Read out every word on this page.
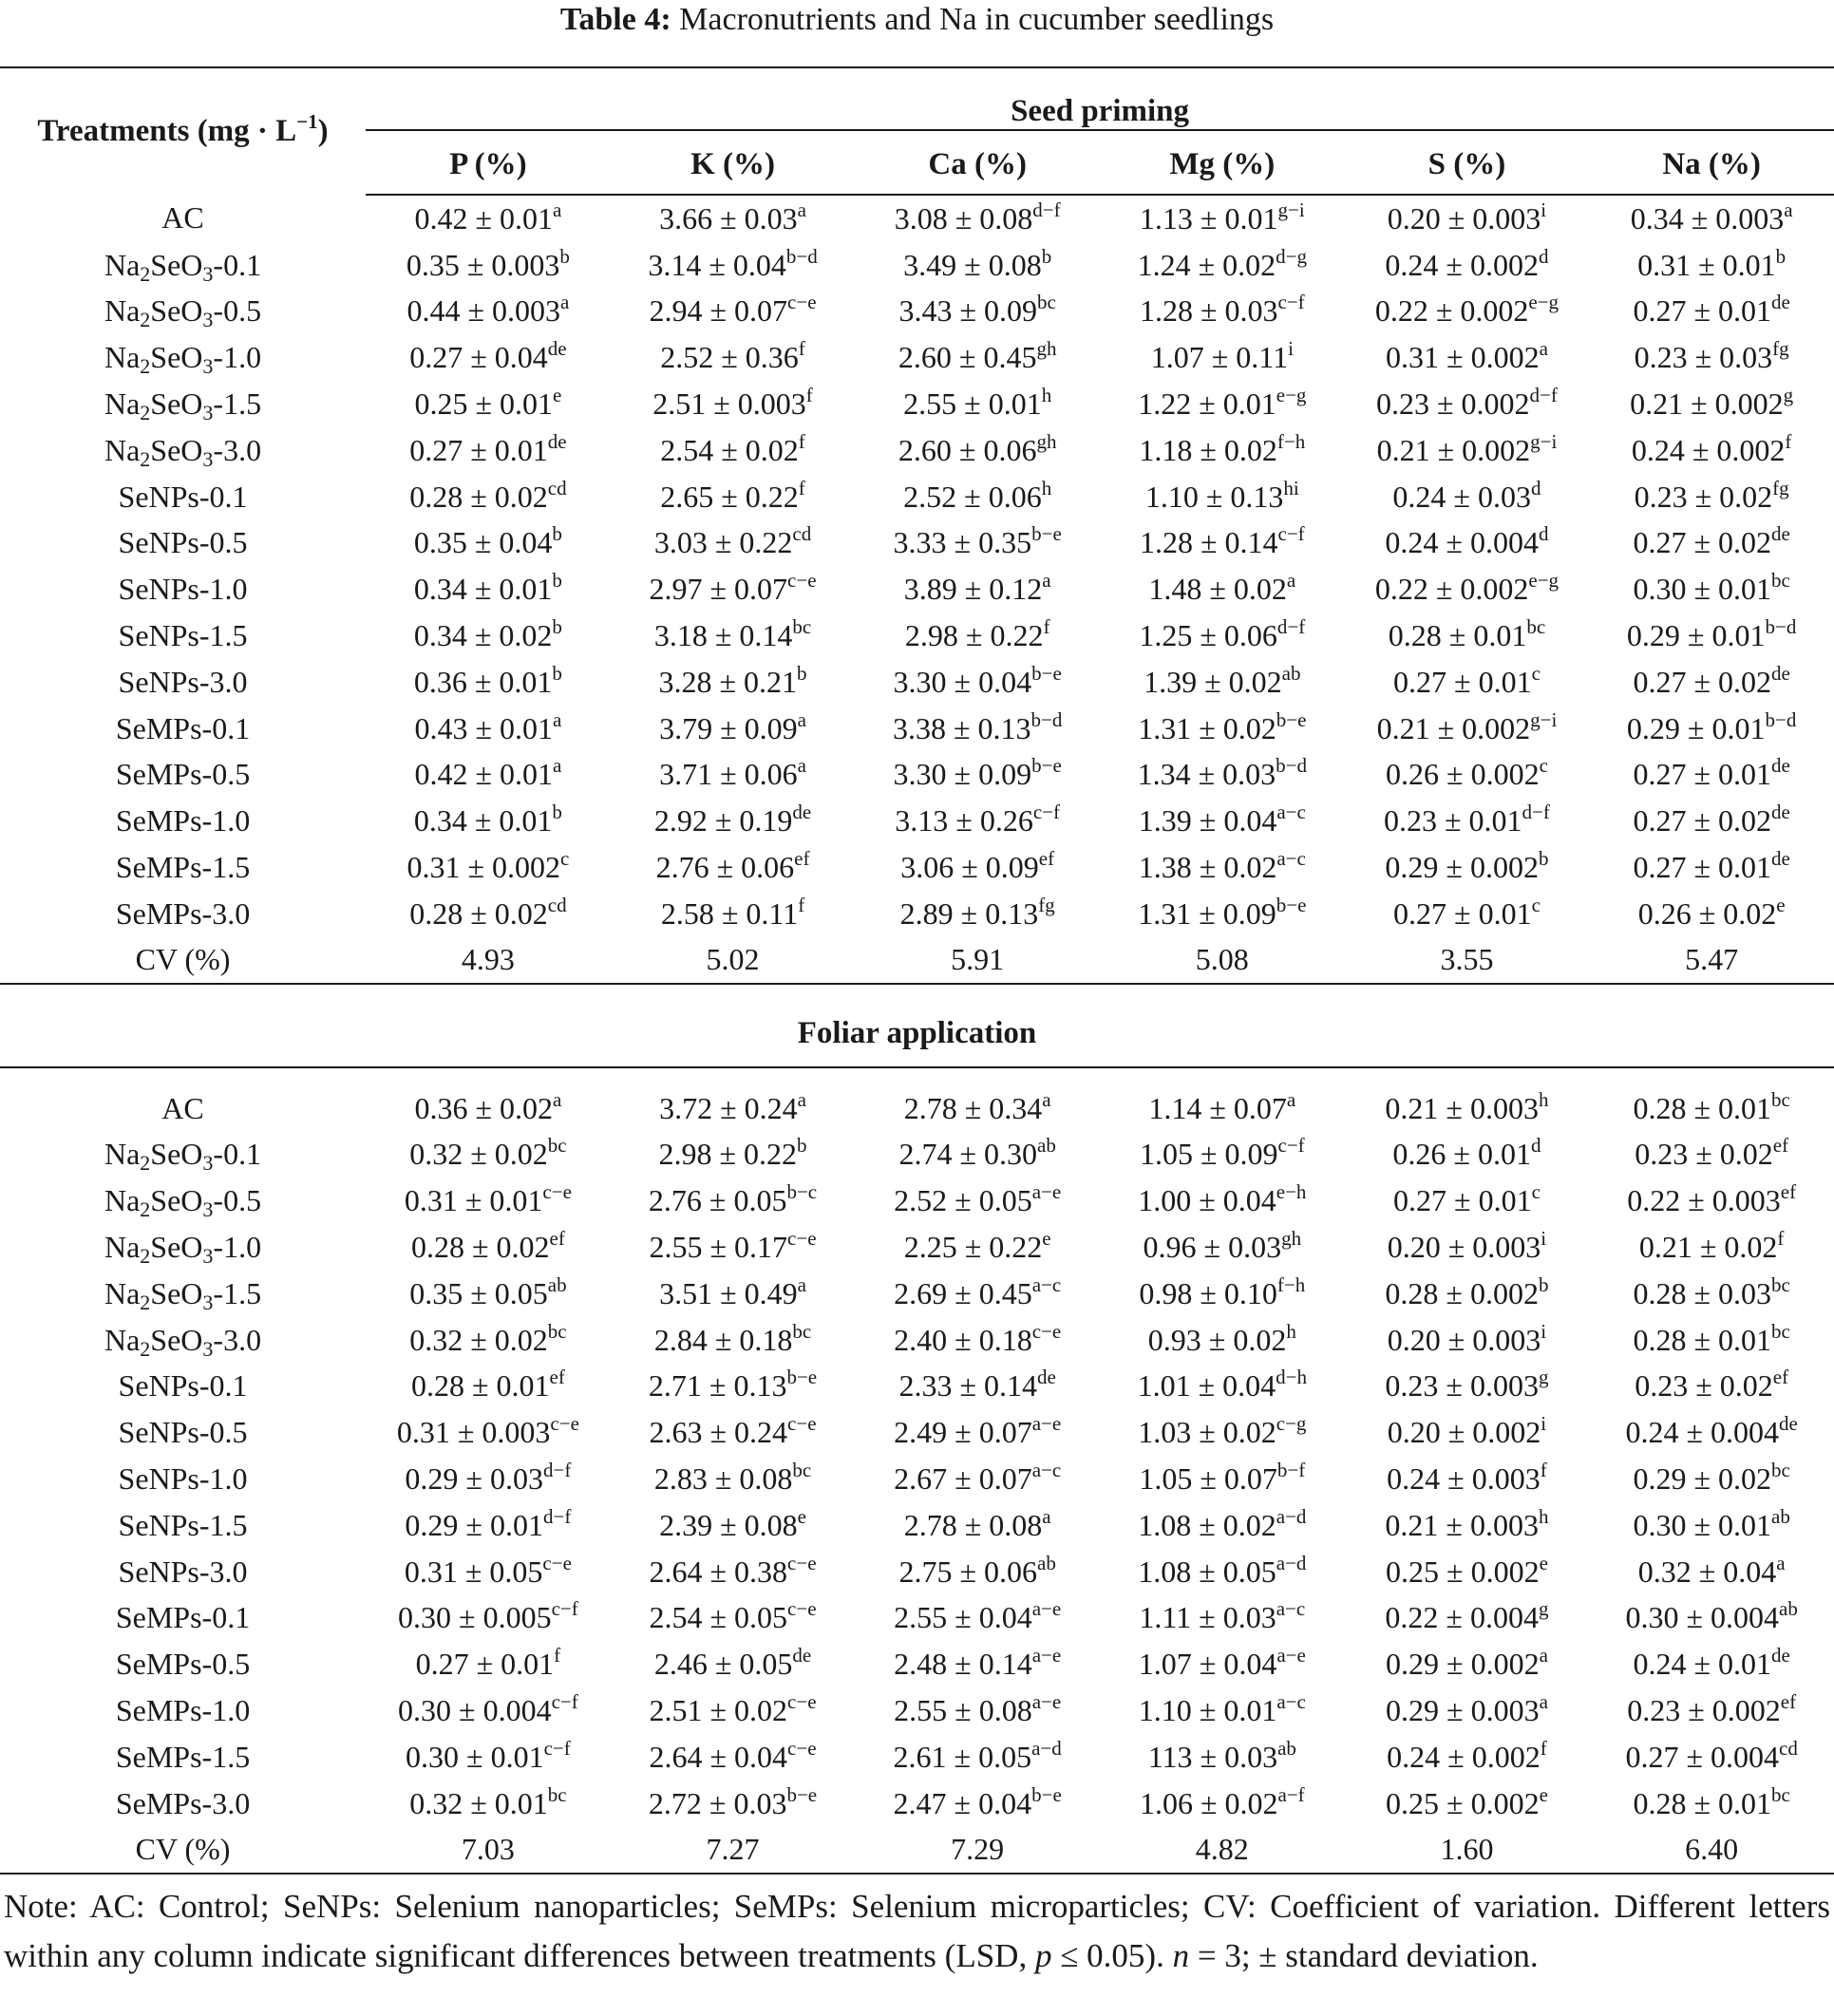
Table 4: Macronutrients and Na in cucumber seedlings
Treatments $(mg \cdot L^{-1})$	Seed priming					

	P (%)	K (%)	Ca (%)	Mg (%)	S (%)	Na (%)
AC	0.42 ± 0.01$^a$	3.66 ± 0.03$^a$	$3.08 \pm 0.08^{d-f}$	$1.13 \pm 0.01^{g-i}$	$0.20 \pm 0.003^i$	0.34 ± 0.003$^a$
$Na_2SeO_3-0.1$	0.35 ± 0.003$^b$	$3.14 \pm 0.04^{b-d}$	3.49 ± 0.08$^b$	$1.24 \pm 0.02^{d-g}$	0.24 ± 0.002$^d$	0.31 ± 0.01$^b$
$Na_2SeO_3-0.5$	0.44 ± 0.003$^a$	$2.94 \pm 0.07^{c-e}$	3.43 ± 0.09$^{bc}$	$1.28 \pm 0.03^{c-f}$	$0.22 \pm 0.002^{e-g}$	0.27 ± 0.01de
$Na_2SeO_3-1.0$	0.27 ± 0.04de	2.52 ± 0.36$^f$	2.60 ± 0.45$^{gh}$	$1.07 \pm 0.11^i$	0.31 ± 0.002$^a$	0.23 ± 0.03$^{fg}$
$Na_2SeO_3-1.5$	0.25 ± 0.01$^e$	2.51 ± 0.003$^f$	2.55 ± 0.01$^h$	$1.22 \pm 0.01^{e-g}$	$0.23 \pm 0.002^{d-f}$	0.21 ± 0.002$^g$
$Na_2SeO_3-3.0$	0.27 ± 0.01de	2.54 ± 0.02$^f$	2.60 ± 0.06$^{gh}$	$1.18 \pm 0.02^{f-h}$	$0.21 \pm 0.002^{g-i}$	0.24 ± 0.002$^f$
SeNPs-0.1	0.28 ± 0.02$^{cd}$	2.65 ± 0.22$^f$	2.52 ± 0.06$^h$	$1.10 \pm 0.13^{hi}$	0.24 ± 0.03$^d$	0.23 ± 0.02$^{fg}$
SeNPs-0.5	0.35 ± 0.04$^b$	3.03 ± 0.22$^{cd}$	$3.33 \pm 0.35^{b-e}$	$1.28 \pm 0.14^{c-f}$	0.24 ± 0.004$^d$	0.27 ± 0.02de
SeNPs-1.0	0.34 ± 0.01$^b$	$2.97 \pm 0.07^{c-e}$	3.89 ± 0.12$^a$	1.48 ± 0.02$^a$	$0.22 \pm 0.002^{e-g}$	0.30 ± 0.01$^{bc}$
SeNPs-1.5	0.34 ± 0.02$^b$	3.18 ± 0.14$^{bc}$	2.98 ± 0.22$^f$	$1.25 \pm 0.06^{d-f}$	0.28 ± 0.01$^{bc}$	$0.29 \pm 0.01^{b-d}$
SeNPs-3.0	0.36 ± 0.01$^b$	3.28 ± 0.21$^b$	$3.30 \pm 0.04^{b-e}$	1.39 ± 0.02$^{ab}$	0.27 ± 0.01$^c$	0.27 ± 0.02de
SeMPs-0.1	0.43 ± 0.01$^a$	3.79 ± 0.09$^a$	$3.38 \pm 0.13^{b-d}$	$1.31 \pm 0.02^{b-e}$	$0.21 \pm 0.002^{g-i}$	$0.29 \pm 0.01^{b-d}$
SeMPs-0.5	0.42 ± 0.01$^a$	3.71 ± 0.06$^a$	$3.30 \pm 0.09^{b-e}$	$1.34 \pm 0.03^{b-d}$	0.26 ± 0.002$^c$	0.27 ± 0.01de
SeMPs-1.0	0.34 ± 0.01$^b$	2.92 ± 0.19de	$3.13 \pm 0.26^{c-f}$	$1.39 \pm 0.04^{a-c}$	$0.23 \pm 0.01^{d-f}$	0.27 ± 0.02de
SeMPs-1.5	0.31 ± 0.002$^c$	2.76 ± 0.06$^{ef}$	3.06 ± 0.09$^{ef}$	$1.38 \pm 0.02^{a-c}$	0.29 ± 0.002$^b$	0.27 ± 0.01de
SeMPs-3.0	0.28 ± 0.02$^{cd}$	2.58 ± 0.11$^f$	2.89 ± 0.13$^{fg}$	$1.31 \pm 0.09^{b-e}$	0.27 ± 0.01$^c$	0.26 ± 0.02$^e$
CV (%)	4.93	5.02	5.91	5.08	3.55	5.47

Foliar application						

AC	0.36 ± 0.02$^a$	3.72 ± 0.24$^a$	2.78 ± 0.34$^a$	1.14 ± 0.07$^a$	0.21 ± 0.003$^h$	0.28 ± 0.01$^{bc}$
$Na_2SeO_3-0.1$	0.32 ± 0.02$^{bc}$	2.98 ± 0.22$^b$	2.74 ± 0.30$^{ab}$	$1.05 \pm 0.09^{c-f}$	0.26 ± 0.01$^d$	0.23 ± 0.02$^{ef}$
$Na_2SeO_3-0.5$	$0.31 \pm 0.01^{c-e}$	$2.76 \pm 0.05^{b-c}$	$2.52 \pm 0.05^{a-e}$	$1.00 \pm 0.04^{e-h}$	0.27 ± 0.01$^c$	0.22 ± 0.003$^{ef}$
$Na_2SeO_3-1.0$	0.28 ± 0.02$^{ef}$	$2.55 \pm 0.17^{c-e}$	2.25 ± 0.22$^e$	0.96 ± 0.03$^{gh}$	$0.20 \pm 0.003^i$	0.21 ± 0.02$^f$
$Na_2SeO_3-1.5$	0.35 ± 0.05$^{ab}$	3.51 ± 0.49$^a$	$2.69 \pm 0.45^{a-c}$	$0.98 \pm 0.10^{f-h}$	0.28 ± 0.002$^b$	0.28 ± 0.03$^{bc}$
$Na_2SeO_3-3.0$	0.32 ± 0.02$^{bc}$	2.84 ± 0.18$^{bc}$	$2.40 \pm 0.18^{c-e}$	0.93 ± 0.02$^h$	$0.20 \pm 0.003^i$	0.28 ± 0.01$^{bc}$
SeNPs-0.1	0.28 ± 0.01$^{ef}$	$2.71 \pm 0.13^{b-e}$	2.33 ± 0.14de	$1.01 \pm 0.04^{d-h}$	0.23 ± 0.003$^g$	0.23 ± 0.02$^{ef}$
SeNPs-0.5	$0.31 \pm 0.003^{c-e}$	$2.63 \pm 0.24^{c-e}$	$2.49 \pm 0.07^{a-e}$	$1.03 \pm 0.02^{c-g}$	$0.20 \pm 0.002^i$	0.24 ± 0.004de
SeNPs-1.0	$0.29 \pm 0.03^{d-f}$	2.83 ± 0.08$^{bc}$	$2.67 \pm 0.07^{a-c}$	$1.05 \pm 0.07^{b-f}$	0.24 ± 0.003$^f$	0.29 ± 0.02$^{bc}$
SeNPs-1.5	$0.29 \pm 0.01^{d-f}$	2.39 ± 0.08$^e$	2.78 ± 0.08$^a$	$1.08 \pm 0.02^{a-d}$	0.21 ± 0.003$^h$	0.30 ± 0.01$^{ab}$
SeNPs-3.0	$0.31 \pm 0.05^{c-e}$	$2.64 \pm 0.38^{c-e}$	2.75 ± 0.06$^{ab}$	$1.08 \pm 0.05^{a-d}$	0.25 ± 0.002$^e$	0.32 ± 0.04$^a$
SeMPs-0.1	$0.30 \pm 0.005^{c-f}$	$2.54 \pm 0.05^{c-e}$	$2.55 \pm 0.04^{a-e}$	$1.11 \pm 0.03^{a-c}$	0.22 ± 0.004$^g$	0.30 ± 0.004$^{ab}$
SeMPs-0.5	0.27 ± 0.01$^f$	2.46 ± 0.05de	$2.48 \pm 0.14^{a-e}$	$1.07 \pm 0.04^{a-e}$	0.29 ± 0.002$^a$	0.24 ± 0.01de
SeMPs-1.0	$0.30 \pm 0.004^{c-f}$	$2.51 \pm 0.02^{c-e}$	$2.55 \pm 0.08^{a-e}$	$1.10 \pm 0.01^{a-c}$	0.29 ± 0.003$^a$	0.23 ± 0.002$^{ef}$
SeMPs-1.5	$0.30 \pm 0.01^{c-f}$	$2.64 \pm 0.04^{c-e}$	$2.61 \pm 0.05^{a-d}$	113 ± 0.03$^{ab}$	0.24 ± 0.002$^f$	0.27 ± 0.004$^{cd}$
SeMPs-3.0	0.32 ± 0.01$^{bc}$	$2.72 \pm 0.03^{b-e}$	$2.47 \pm 0.04^{b-e}$	$1.06 \pm 0.02^{a-f}$	0.25 ± 0.002$^e$	0.28 ± 0.01$^{bc}$
CV (%)	7.03	7.27	7.29	4.82	1.60	6.40
Note: AC: Control; SeNPs: Selenium nanoparticles; SeMPs: Selenium microparticles; CV: Coefficient of variation. Different letters within any column indicate significant differences between treatments (LSD, p ≤ 0.05). n = 3; ± standard deviation.
